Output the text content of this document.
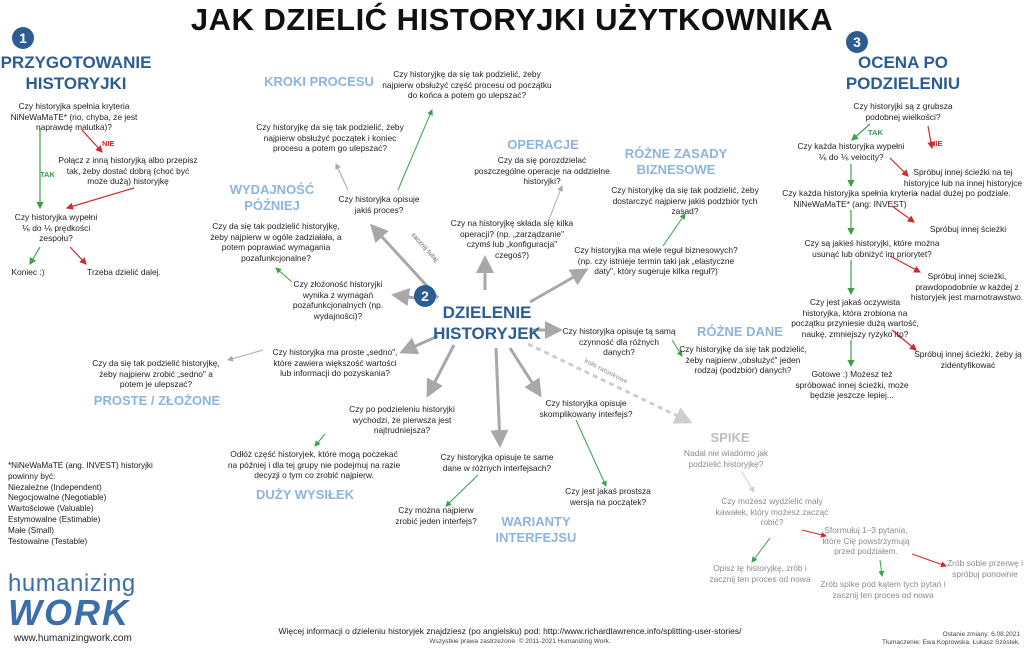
JAK DZIELIĆ HISTORYJKI UŻYTKOWNIKA
1
PRZYGOTOWANIE
HISTORYJKI
Czy historyjka spełnia kryteria NiNeWaMaTE* (no, chyba, że jest naprawdę malutka)?
NIE
Połącz z inną historyjką albo przepisz tak, żeby dostać dobrą (choć być może dużą) historyjkę
TAK
Czy historyjka wypełni ⅙ do ⅙ prędkości zespołu?
Koniec :)	Trzeba dzielić dalej.
2
DZIELENIE
HISTORYJEK
zacznij tutaj
koło ratunkowe
KROKI PROCESU
Czy historyjka opisuje jakiś proces?
Czy historyjkę da się tak podzielić, żeby najpierw obsłużyć początek i koniec procesu a potem go ulepszać?
Czy historyjkę da się tak podzielić, żeby najpierw obsłużyć część procesu od początku do końca a potem go ulepszać?
OPERACJE
Czy da się porozdzielać poszczególne operacje na oddzielne historyjki?
Czy na historyjkę składa się kilka operacji? (np. „zarządzanie" czymś lub „konfiguracja" czegoś?)
RÓŻNE ZASADY
BIZNESOWE
Czy historyjkę da się tak podzielić, żeby dostarczyć najpierw jakiś podzbiór tych zasad?
Czy historyjka ma wiele reguł biznesowych? (np. czy istnieje termin taki jak „elastyczne daty", który sugeruje kilka reguł?)
WYDAJNOŚĆ
PÓŹNIEJ
Czy da się tak podzielić historyjkę, żeby najpierw w ogóle zadziałała, a potem poprawiać wymagania pozafunkcjonalne?
Czy złożoność historyjki wynika z wymagań pozafunkcjonalnych (np. wydajności)?
RÓŻNE DANE
Czy historyjka opisuje tą samą czynność dla różnych danych?	Czy historyjkę da się tak podzielić, żeby najpierw „obsłużyć" jeden rodzaj (podzbiór) danych?
PROSTE / ZŁOŻONE
Czy da się tak podzielić historyjkę, żeby najpierw zrobić „sedno" a potem je ulepszać?
Czy historyjka ma proste „sedno", które zawiera większość wartości lub informacji do pozyskania?
Czy po podzieleniu historyjki wychodzi, że pierwsza jest najtrudniejsza?
Odłóż część historyjek, które mogą poczekać na później i dla tej grupy nie podejmuj na razie decyzji o tym co zrobić najpierw.
DUŻY WYSIŁEK
Czy historyjka opisuje te same dane w różnych interfejsach?
Czy można najpierw zrobić jeden interfejs?	WARIANTY
INTERFEJSU
Czy historyjka opisuje skomplikowany interfejs?
Czy jest jakaś prostsza wersja na początek?
SPIKE
Nadal nie wiadomo jak podzielić historyjkę?
Czy możesz wydzielić mały kawałek, który możesz zacząć robić?
Opisz tę historyjkę, zrób i zacznij ten proces od nowa
Sformułuj 1–3 pytania, które Cię powstrzymują przed podziałem.
Zrób sobie przerwę i spróbuj ponownie
Zrób spike pod kątem tych pytań i zacznij ten proces od nowa
3
OCENA PO
PODZIELENIU
Czy historyjki są z grubsza podobnej wielkości?
TAK
NIE
Czy każda historyjka wypełni ⅙ do ⅙ velocity?
Spróbuj innej ścieżki na tej historyjce lub na innej historyjce - nadal dużej po podziale.
Czy każda historyjka spełnia kryteria NiNeWaMaTE* (ang: INVEST)
Spróbuj innej ścieżki
Czy są jakieś historyjki, które można usunąć lub obniżyć im priorytet?
Spróbuj innej ścieżki, prawdopodobnie w każdej z historyjek jest marnotrawstwo.
Czy jest jakaś oczywista historyjka, która zrobiona na początku przyniesie dużą wartość, naukę, zmniejszy ryzyko itp?
Spróbuj innej ścieżki, żeby ją zidentyfikować
Gotowe :) Możesz też spróbować innej ścieżki, może będzie jeszcze lepiej...
*NiNeWaMaTE (ang. INVEST) historyjki powinny być:
Niezależne (Independent)
Negocjowalne (Negotiable)
Wartościowe (Valuable)
Estymowalne (Estimable)
Małe (Small)
Testowalne (Testable)
humanizing
WORK
www.humanizingwork.com
Więcej informacji o dzieleniu historyjek znajdziesz (po angielsku) pod: http://www.richardlawrence.info/splitting-user-stories/
Wszystkie prawa zastrzeżone. © 2011-2021 Humanizing Work.
Ostanie zmiany: 6.08.2021
Tłumaczenie: Ewa Koprowska, Łukasz Szóstek.
